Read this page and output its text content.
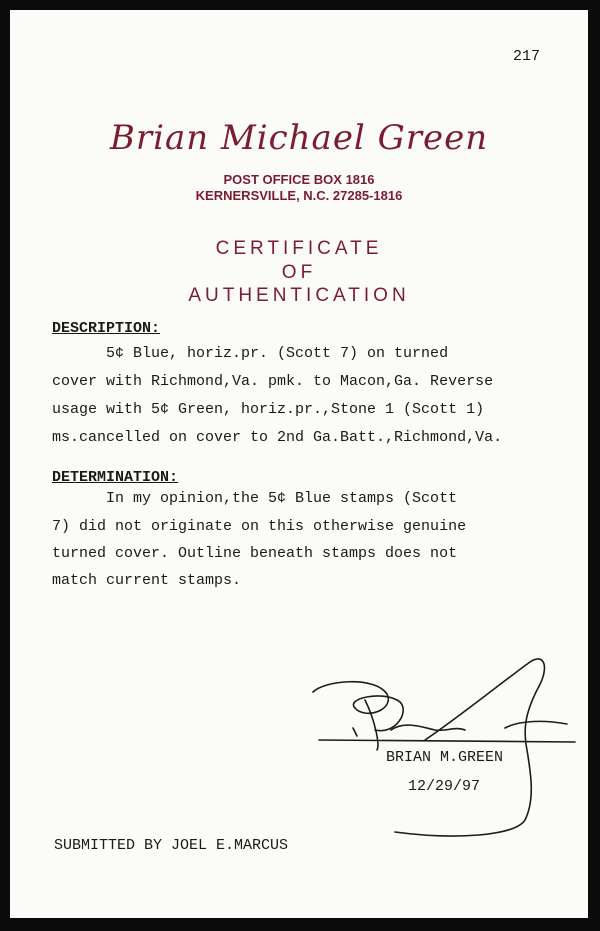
217
Brian Michael Green
POST OFFICE BOX 1816
KERNERSVILLE, N.C. 27285-1816
CERTIFICATE
OF
AUTHENTICATION
DESCRIPTION:
5¢ Blue, horiz.pr. (Scott 7) on turned
cover with Richmond,Va. pmk. to Macon,Ga. Reverse
usage with 5¢ Green, horiz.pr.,Stone 1 (Scott 1)
ms.cancelled on cover to 2nd Ga.Batt.,Richmond,Va.
DETERMINATION:
In my opinion,the 5¢ Blue stamps (Scott
7) did not originate on this otherwise genuine
turned cover. Outline beneath stamps does not
match current stamps.
BRIAN M.GREEN
12/29/97
SUBMITTED BY JOEL E.MARCUS
